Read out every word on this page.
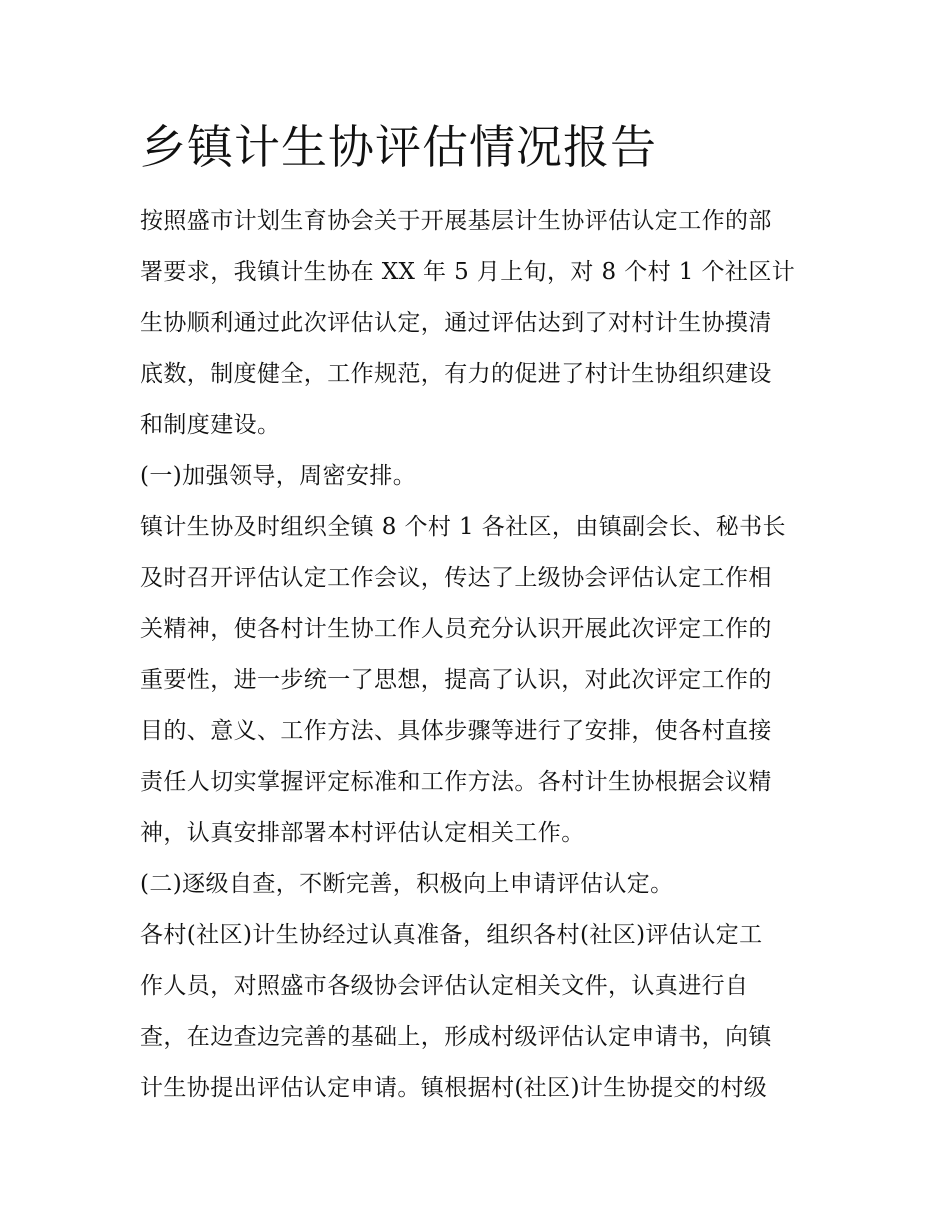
乡镇计生协评估情况报告
按照盛市计划生育协会关于开展基层计生协评估认定工作的部
署要求，我镇计生协在 XX 年 5 月上旬，对 8 个村 1 个社区计
生协顺利通过此次评估认定，通过评估达到了对村计生协摸清
底数，制度健全，工作规范，有力的促进了村计生协组织建设
和制度建设。
(一)加强领导，周密安排。
镇计生协及时组织全镇 8 个村 1 各社区，由镇副会长、秘书长
及时召开评估认定工作会议，传达了上级协会评估认定工作相
关精神，使各村计生协工作人员充分认识开展此次评定工作的
重要性，进一步统一了思想，提高了认识，对此次评定工作的
目的、意义、工作方法、具体步骤等进行了安排，使各村直接
责任人切实掌握评定标准和工作方法。各村计生协根据会议精
神，认真安排部署本村评估认定相关工作。
(二)逐级自查，不断完善，积极向上申请评估认定。
各村(社区)计生协经过认真准备，组织各村(社区)评估认定工
作人员，对照盛市各级协会评估认定相关文件，认真进行自
查，在边查边完善的基础上，形成村级评估认定申请书，向镇
计生协提出评估认定申请。镇根据村(社区)计生协提交的村级
